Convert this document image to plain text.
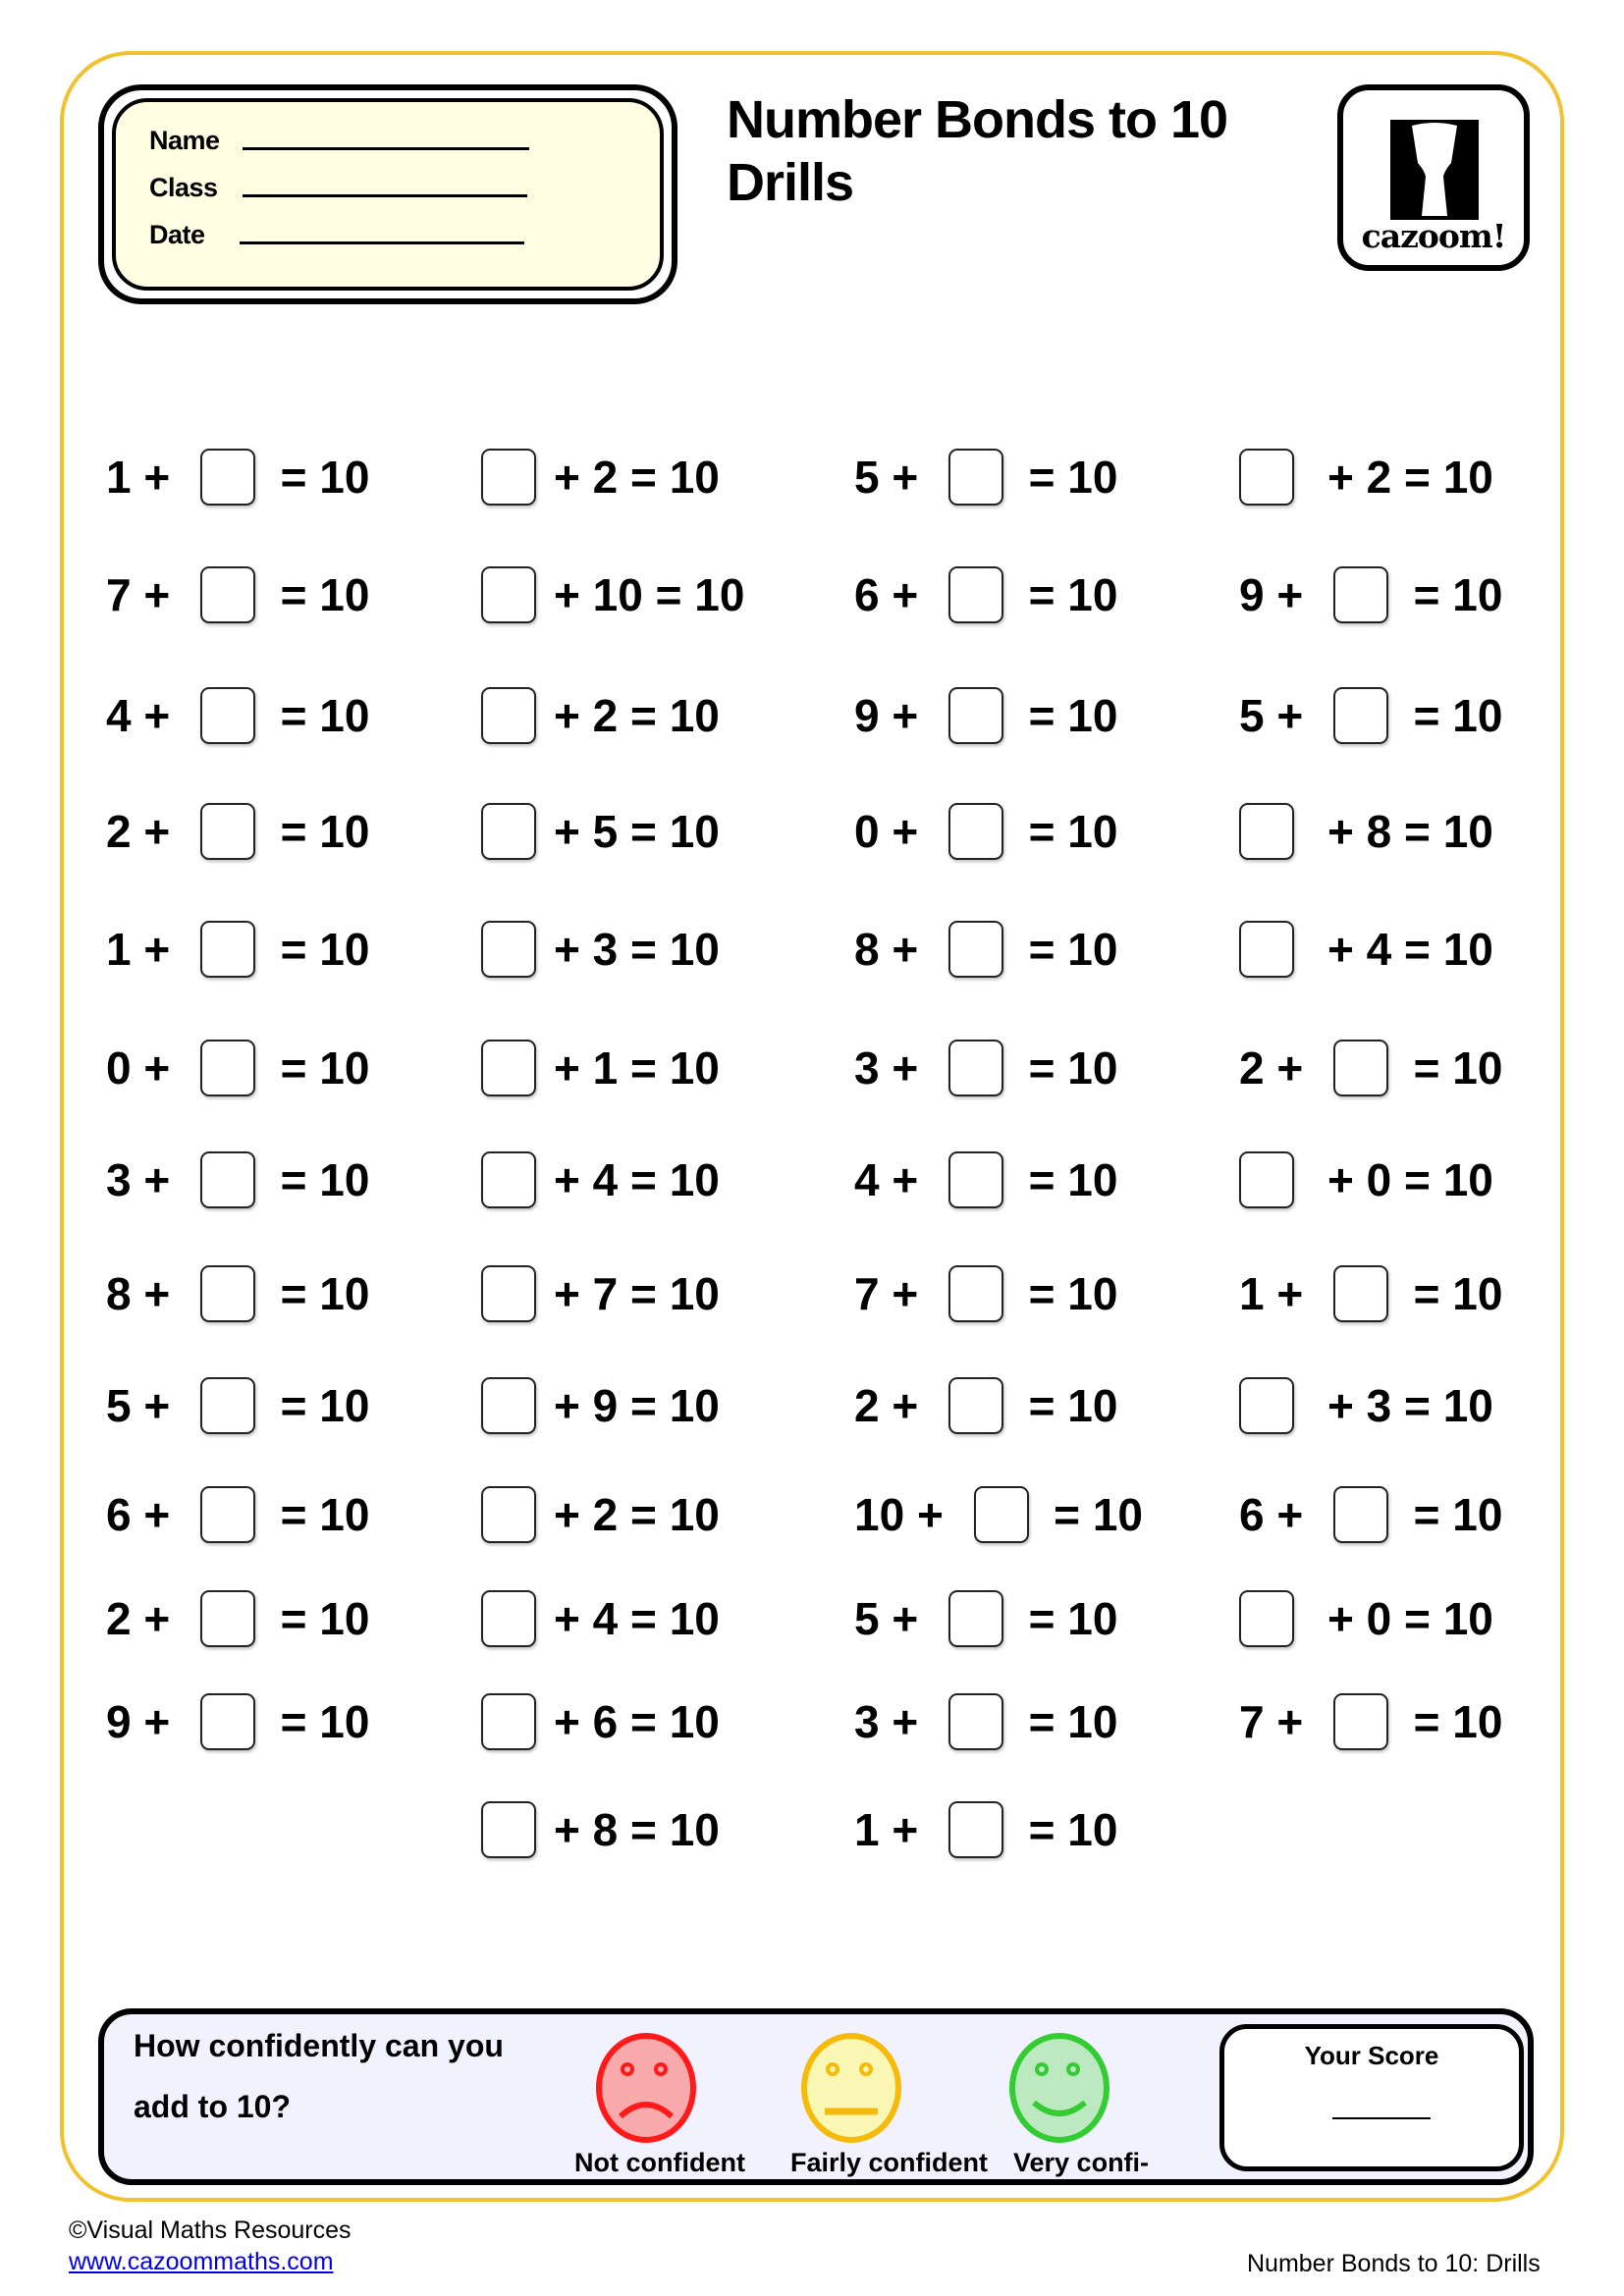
Name
Class
Date
Number Bonds to 10
Drills
cazoom!
1 + = 10
7 + = 10
4 + = 10
2 + = 10
1 + = 10
0 + = 10
3 + = 10
8 + = 10
5 + = 10
6 + = 10
2 + = 10
9 + = 10
+ 2 = 10
+ 10 = 10
+ 2 = 10
+ 5 = 10
+ 3 = 10
+ 1 = 10
+ 4 = 10
+ 7 = 10
+ 9 = 10
+ 2 = 10
+ 4 = 10
+ 6 = 10
+ 8 = 10
5 + = 10
6 + = 10
9 + = 10
0 + = 10
8 + = 10
3 + = 10
4 + = 10
7 + = 10
2 + = 10
10 + = 10
5 + = 10
3 + = 10
1 + = 10
+ 2 = 10
9 + = 10
5 + = 10
+ 8 = 10
+ 4 = 10
2 + = 10
+ 0 = 10
1 + = 10
+ 3 = 10
6 + = 10
+ 0 = 10
7 + = 10
How confidently can you
add to 10?
Not confident Fairly confident Very confi-
Your Score
©Visual Maths Resources
www.cazoommaths.com	Number Bonds to 10: Drills
